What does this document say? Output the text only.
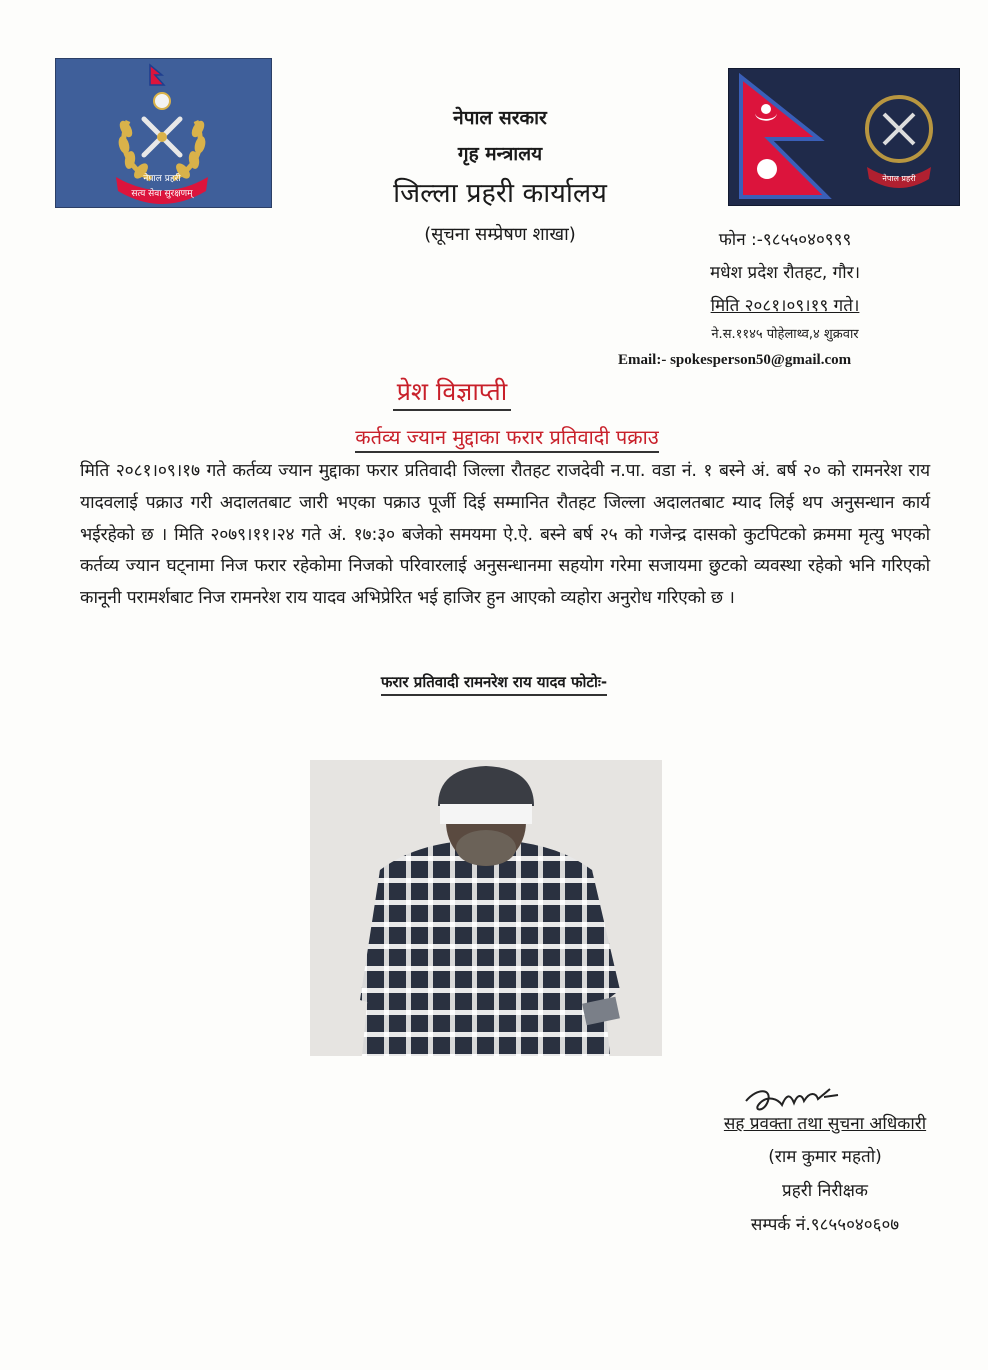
सत्य सेवा सुरक्षणम्
नेपाल प्रहरी	नेपाल प्रहरी
नेपाल सरकार
गृह मन्त्रालय
जिल्ला प्रहरी कार्यालय
(सूचना सम्प्रेषण शाखा)	फोन :-९८५५०४०९९९
मधेश प्रदेश रौतहट, गौर।
मिति २०८१।०९।१९ गते।
ने.स.११४५ पोहेलाथ्व,४ शुक्रवार
Email:- spokesperson50@gmail.com
प्रेश विज्ञाप्ती
कर्तव्य ज्यान मुद्दाका फरार प्रतिवादी पक्राउ
मिति २०८१।०९।१७ गते कर्तव्य ज्यान मुद्दाका फरार प्रतिवादी जिल्ला रौतहट राजदेवी न.पा. वडा नं. १ बस्ने अं. बर्ष २० को रामनरेश राय यादवलाई पक्राउ गरी अदालतबाट जारी भएका पक्राउ पूर्जी दिई सम्मानित रौतहट जिल्ला अदालतबाट म्याद लिई थप अनुसन्धान कार्य भईरहेको छ । मिति २०७९।११।२४ गते अं. १७:३० बजेको समयमा ऐ.ऐ. बस्ने बर्ष २५ को गजेन्द्र दासको कुटपिटको क्रममा मृत्यु भएको कर्तव्य ज्यान घट्नामा निज फरार रहेकोमा निजको परिवारलाई अनुसन्धानमा सहयोग गरेमा सजायमा छुटको व्यवस्था रहेको भनि गरिएको कानूनी परामर्शबाट निज रामनरेश राय यादव अभिप्रेरित भई हाजिर हुन आएको व्यहोरा अनुरोध गरिएको छ ।
फरार प्रतिवादी रामनरेश राय यादव फोटोः-
सह प्रवक्ता तथा सुचना अधिकारी
(राम कुमार महतो)
प्रहरी निरीक्षक
सम्पर्क नं.९८५५०४०६०७
